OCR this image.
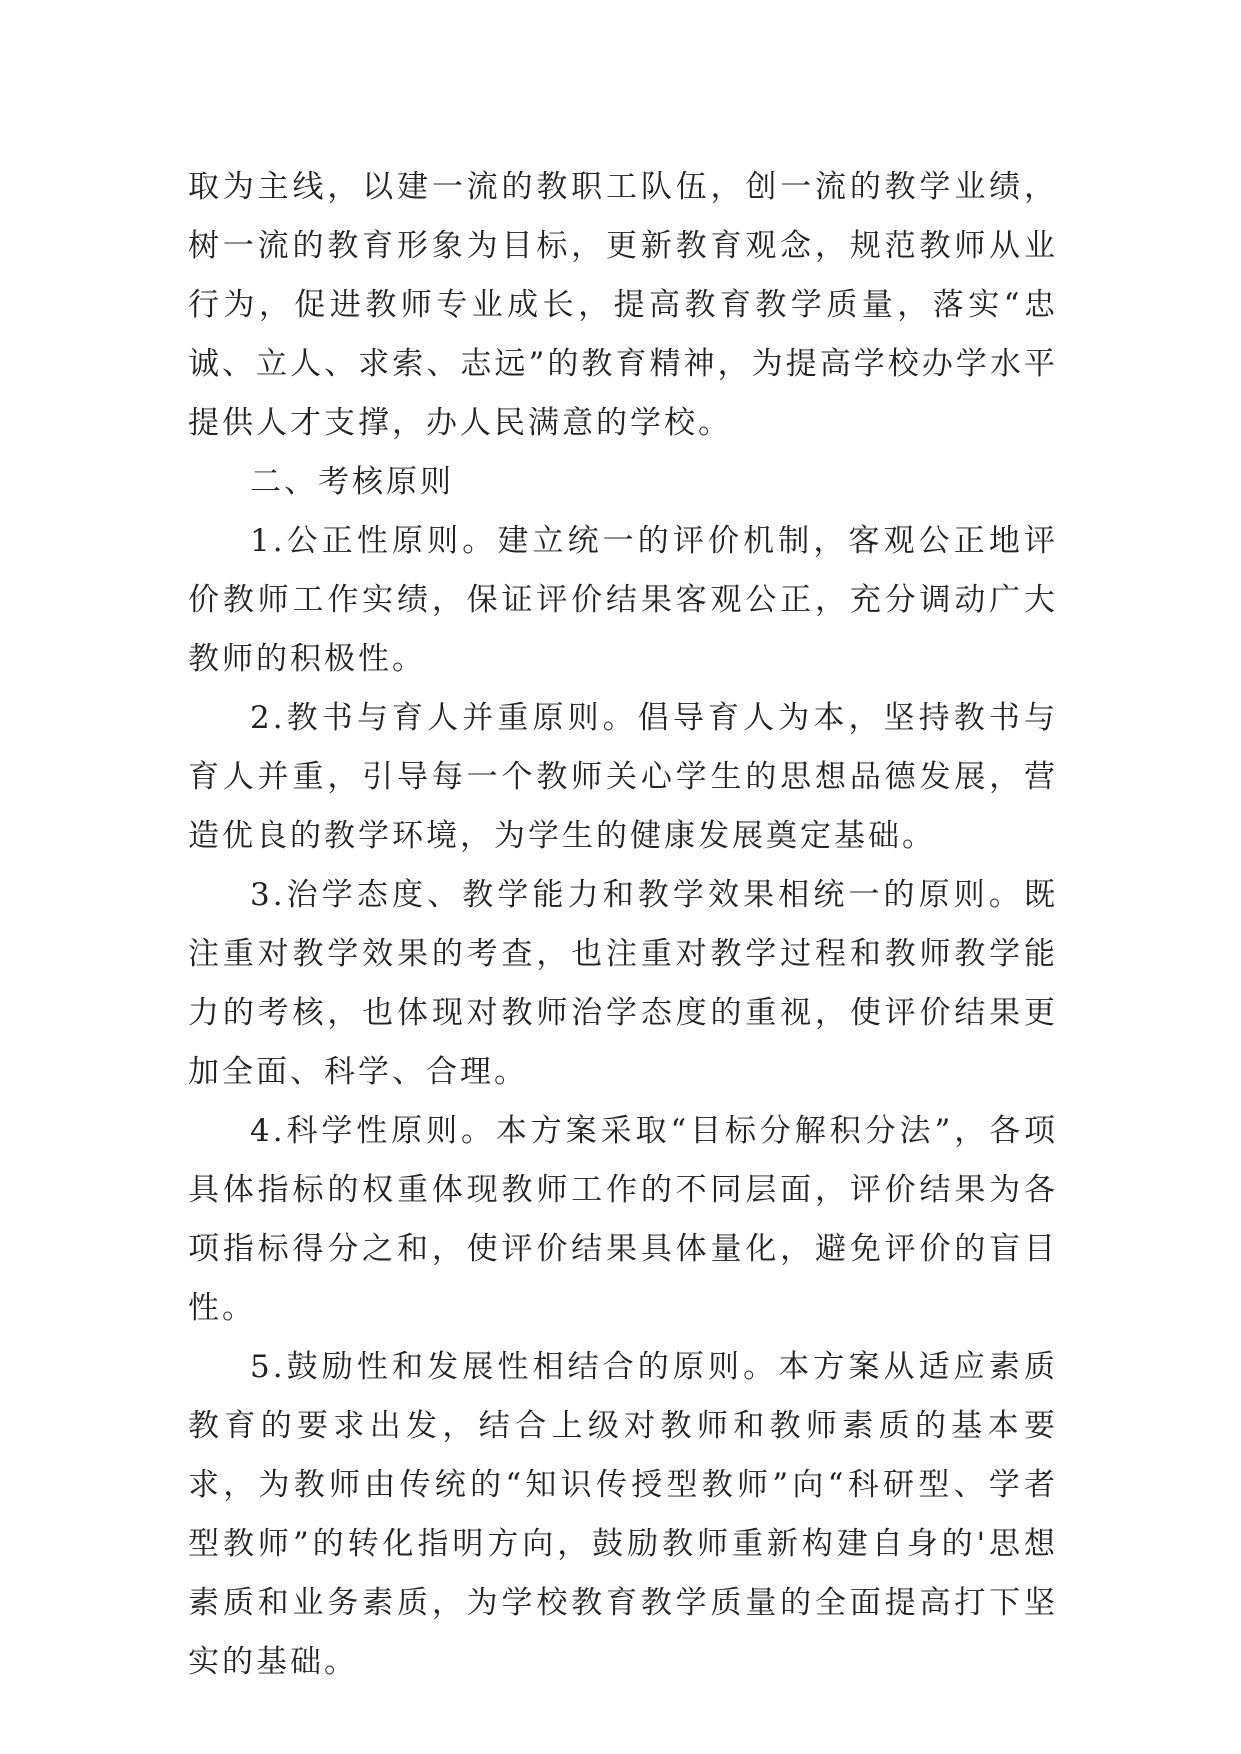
取为主线，以建一流的教职工队伍，创一流的教学业绩，树一流的教育形象为目标，更新教育观念，规范教师从业行为，促进教师专业成长，提高教育教学质量，落实“忠诚、立人、求索、志远”的教育精神，为提高学校办学水平提供人才支撑，办人民满意的学校。

二、考核原则

1.公正性原则。建立统一的评价机制，客观公正地评价教师工作实绩，保证评价结果客观公正，充分调动广大教师的积极性。

2.教书与育人并重原则。倡导育人为本，坚持教书与育人并重，引导每一个教师关心学生的思想品德发展，营造优良的教学环境，为学生的健康发展奠定基础。

3.治学态度、教学能力和教学效果相统一的原则。既注重对教学效果的考查，也注重对教学过程和教师教学能力的考核，也体现对教师治学态度的重视，使评价结果更加全面、科学、合理。

4.科学性原则。本方案采取“目标分解积分法”，各项具体指标的权重体现教师工作的不同层面，评价结果为各项指标得分之和，使评价结果具体量化，避免评价的盲目性。

5.鼓励性和发展性相结合的原则。本方案从适应素质教育的要求出发，结合上级对教师和教师素质的基本要求，为教师由传统的“知识传授型教师”向“科研型、学者型教师”的转化指明方向，鼓励教师重新构建自身的'思想素质和业务素质，为学校教育教学质量的全面提高打下坚实的基础。
